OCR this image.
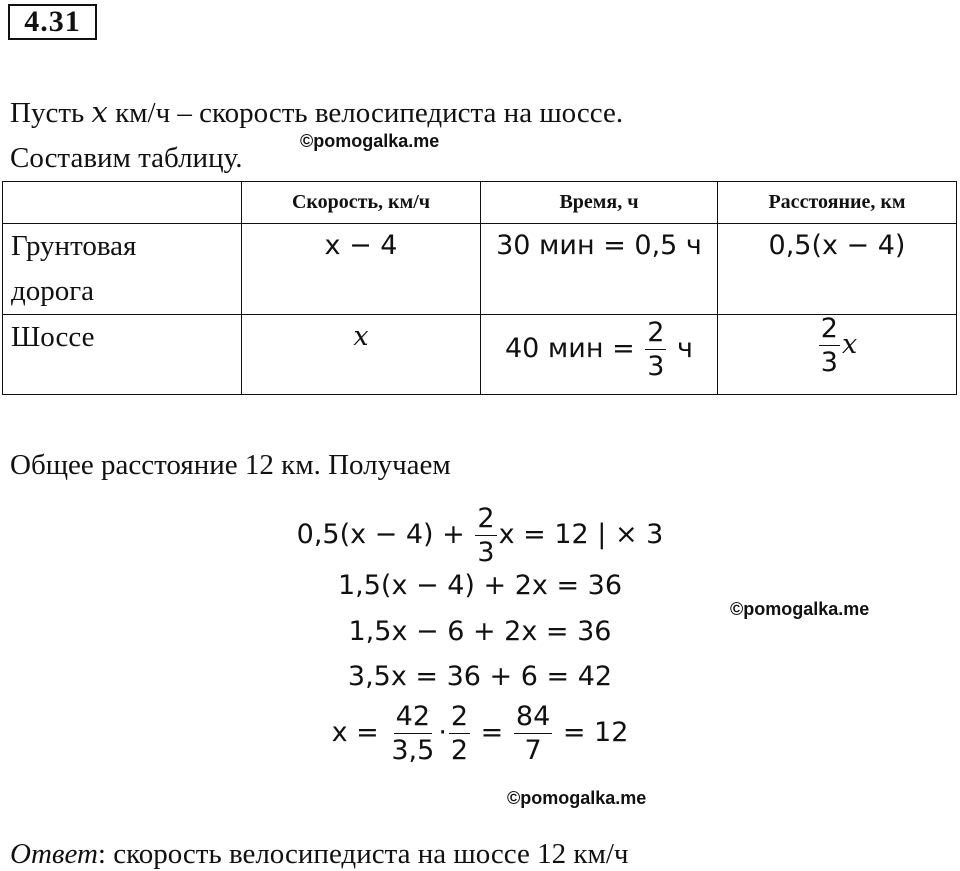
4.31
Пусть x км/ч – скорость велосипедиста на шоссе.
©pomogalka.me
Составим таблицу.
	Скорость, км/ч	Время, ч	Расстояние, км

Грунтовая
дорога	x − 4	30 мин = 0,5 ч	0,5(x − 4)

Шоссе	x	40 мин = $\frac{2}{3}$ ч	$\frac{2}{3}$ x
Общее расстояние 12 км. Получаем
$0,5(x - 4) + \frac{2}{3}$ x = 12 | × 3
1,5(x − 4) + 2x = 36
©pomogalka.me
1,5x − 6 + 2x = 36
3,5x = 36 + 6 = 42
$x = \frac{42}{3,5} \cdot \frac{2}{2} = \frac{84}{7} = 12$
©pomogalka.me
Ответ: скорость велосипедиста на шоссе 12 км/ч
